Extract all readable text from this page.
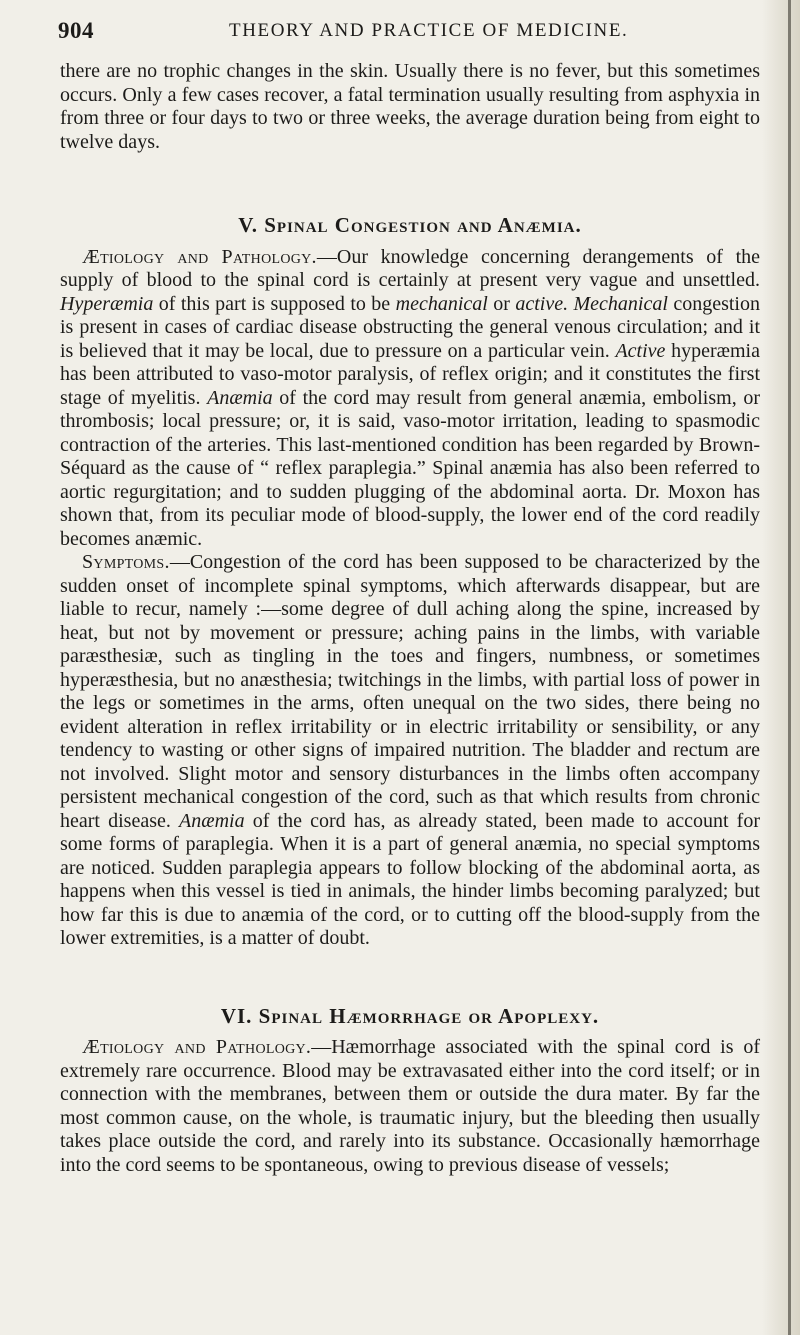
904	THEORY AND PRACTICE OF MEDICINE.

there are no trophic changes in the skin. Usually there is no fever, but this sometimes occurs. Only a few cases recover, a fatal termination usually resulting from asphyxia in from three or four days to two or three weeks, the average duration being from eight to twelve days.

V. Spinal Congestion and Anæmia.

Ætiology and Pathology.—Our knowledge concerning derangements of the supply of blood to the spinal cord is certainly at present very vague and unsettled. Hyperæmia of this part is supposed to be mechanical or active. Mechanical congestion is present in cases of cardiac disease obstructing the general venous circulation; and it is believed that it may be local, due to pressure on a particular vein. Active hyperæmia has been attributed to vaso-motor paralysis, of reflex origin; and it constitutes the first stage of myelitis. Anæmia of the cord may result from general anæmia, embolism, or thrombosis; local pressure; or, it is said, vaso-motor irritation, leading to spasmodic contraction of the arteries. This last-mentioned condition has been regarded by Brown-Séquard as the cause of “ reflex paraplegia.” Spinal anæmia has also been referred to aortic regurgitation; and to sudden plugging of the abdominal aorta. Dr. Moxon has shown that, from its peculiar mode of blood-supply, the lower end of the cord readily becomes anæmic.

Symptoms.—Congestion of the cord has been supposed to be characterized by the sudden onset of incomplete spinal symptoms, which afterwards disappear, but are liable to recur, namely :—some degree of dull aching along the spine, increased by heat, but not by movement or pressure; aching pains in the limbs, with variable paræsthesiæ, such as tingling in the toes and fingers, numbness, or sometimes hyperæsthesia, but no anæsthesia; twitchings in the limbs, with partial loss of power in the legs or sometimes in the arms, often unequal on the two sides, there being no evident alteration in reflex irritability or in electric irritability or sensibility, or any tendency to wasting or other signs of impaired nutrition. The bladder and rectum are not involved. Slight motor and sensory disturbances in the limbs often accompany persistent mechanical congestion of the cord, such as that which results from chronic heart disease. Anæmia of the cord has, as already stated, been made to account for some forms of paraplegia. When it is a part of general anæmia, no special symptoms are noticed. Sudden paraplegia appears to follow blocking of the abdominal aorta, as happens when this vessel is tied in animals, the hinder limbs becoming paralyzed; but how far this is due to anæmia of the cord, or to cutting off the blood-supply from the lower extremities, is a matter of doubt.

VI. Spinal Hæmorrhage or Apoplexy.

Ætiology and Pathology.—Hæmorrhage associated with the spinal cord is of extremely rare occurrence. Blood may be extravasated either into the cord itself; or in connection with the membranes, between them or outside the dura mater. By far the most common cause, on the whole, is traumatic injury, but the bleeding then usually takes place outside the cord, and rarely into its substance. Occasionally hæmorrhage into the cord seems to be spontaneous, owing to previous disease of vessels;
